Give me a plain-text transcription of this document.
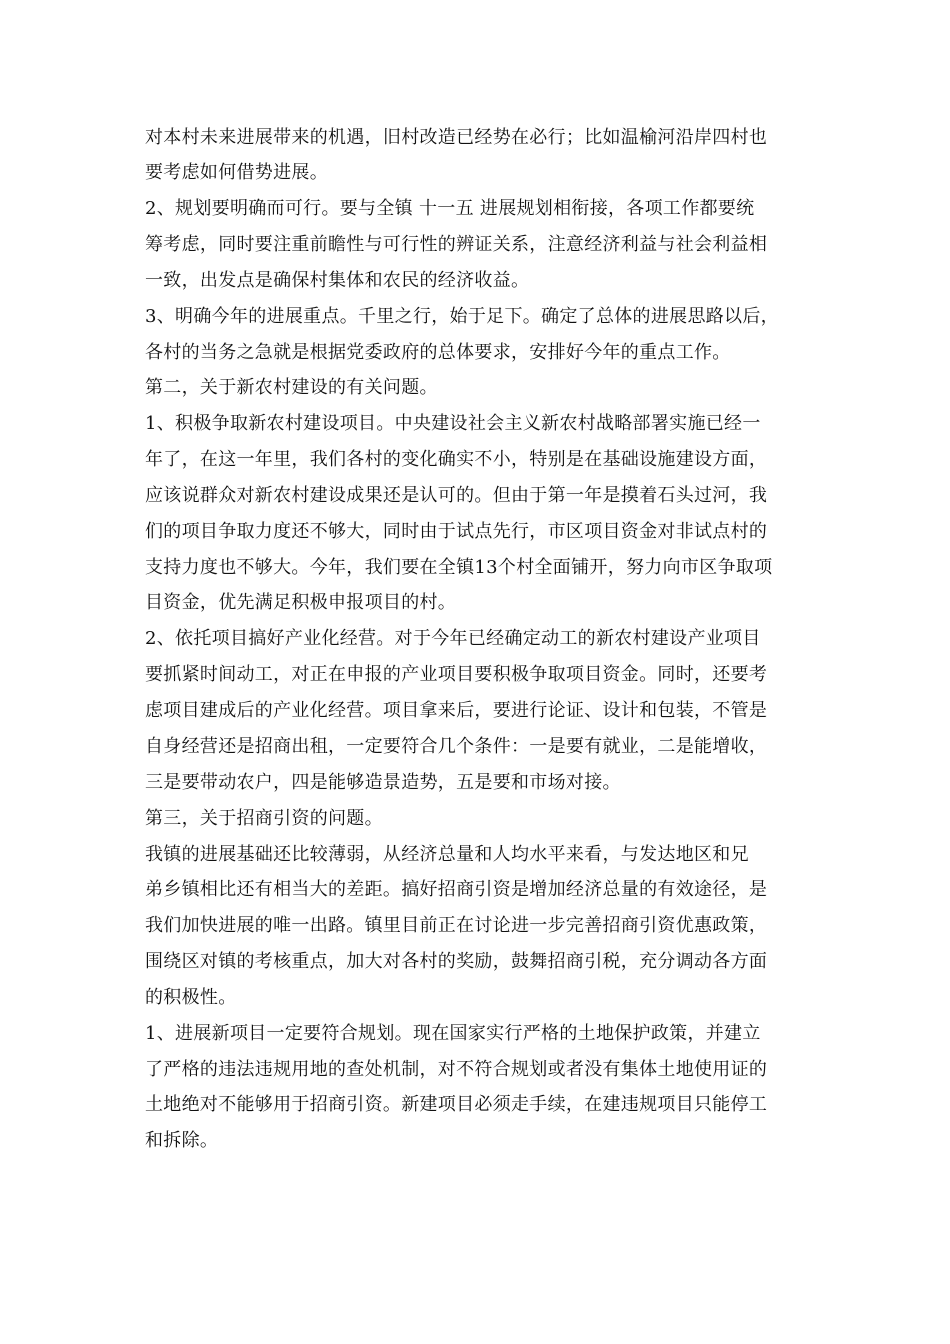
对本村未来进展带来的机遇，旧村改造已经势在必行；比如温榆河沿岸四村也
要考虑如何借势进展。
2、规划要明确而可行。要与全镇 十一五 进展规划相衔接，各项工作都要统
筹考虑，同时要注重前瞻性与可行性的辨证关系，注意经济利益与社会利益相
一致，出发点是确保村集体和农民的经济收益。
3、明确今年的进展重点。千里之行，始于足下。确定了总体的进展思路以后，
各村的当务之急就是根据党委政府的总体要求，安排好今年的重点工作。
第二，关于新农村建设的有关问题。
1、积极争取新农村建设项目。中央建设社会主义新农村战略部署实施已经一
年了，在这一年里，我们各村的变化确实不小，特别是在基础设施建设方面，
应该说群众对新农村建设成果还是认可的。但由于第一年是摸着石头过河，我
们的项目争取力度还不够大，同时由于试点先行，市区项目资金对非试点村的
支持力度也不够大。今年，我们要在全镇13个村全面铺开，努力向市区争取项
目资金，优先满足积极申报项目的村。
2、依托项目搞好产业化经营。对于今年已经确定动工的新农村建设产业项目
要抓紧时间动工，对正在申报的产业项目要积极争取项目资金。同时，还要考
虑项目建成后的产业化经营。项目拿来后，要进行论证、设计和包装，不管是
自身经营还是招商出租，一定要符合几个条件：一是要有就业，二是能增收，
三是要带动农户，四是能够造景造势，五是要和市场对接。
第三，关于招商引资的问题。
我镇的进展基础还比较薄弱，从经济总量和人均水平来看，与发达地区和兄
弟乡镇相比还有相当大的差距。搞好招商引资是增加经济总量的有效途径，是
我们加快进展的唯一出路。镇里目前正在讨论进一步完善招商引资优惠政策，
围绕区对镇的考核重点，加大对各村的奖励，鼓舞招商引税，充分调动各方面
的积极性。
1、进展新项目一定要符合规划。现在国家实行严格的土地保护政策，并建立
了严格的违法违规用地的查处机制，对不符合规划或者没有集体土地使用证的
土地绝对不能够用于招商引资。新建项目必须走手续，在建违规项目只能停工
和拆除。
